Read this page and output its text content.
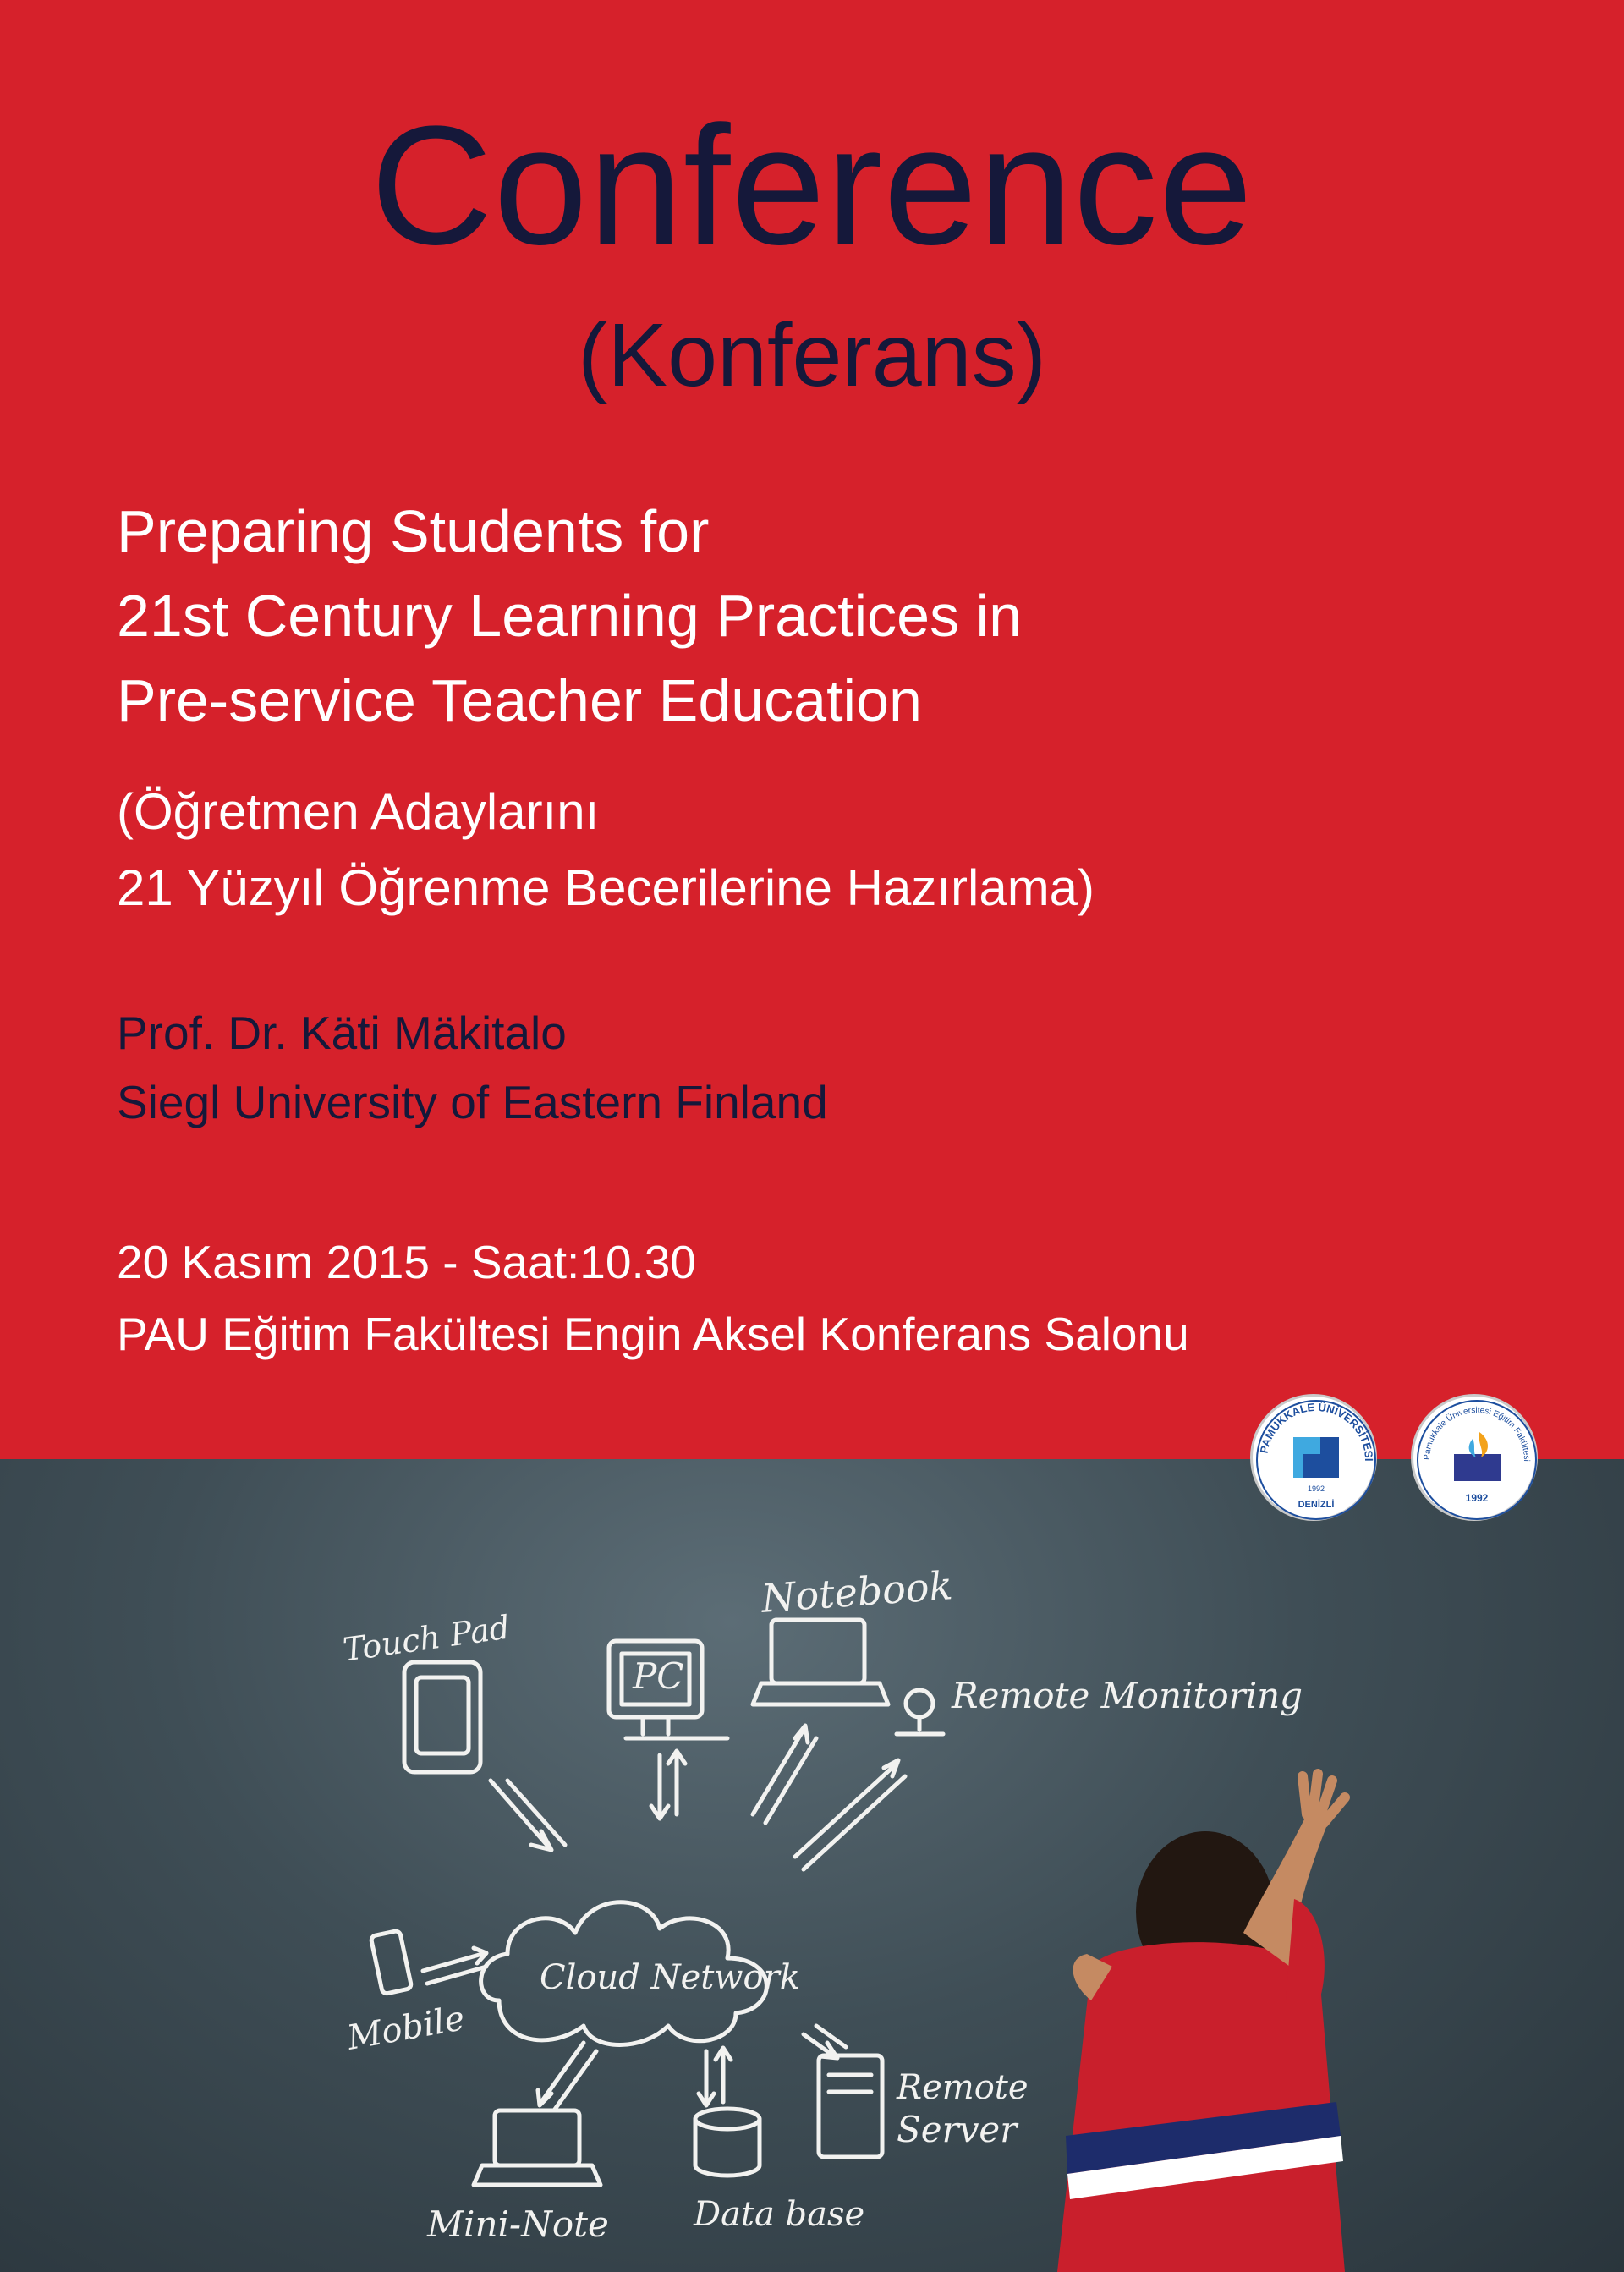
Conference
(Konferans)
Preparing Students for
21st Century Learning Practices in
Pre-service Teacher Education
(Öğretmen Adaylarını
21 Yüzyıl Öğrenme Becerilerine Hazırlama)
Prof. Dr. Käti Mäkitalo
Siegl University of Eastern Finland
20 Kasım 2015 - Saat:10.30
PAU Eğitim Fakültesi Engin Aksel Konferans Salonu
Touch Pad
PC
Notebook
Remote Monitoring
Cloud Network
Mobile
Mini-Note	Data base
Remote
Server
PAMUKKALE ÜNİVERSİTESİ
1992
DENİZLİ
Pamukkale Üniversitesi Eğitim Fakültesi
1992
